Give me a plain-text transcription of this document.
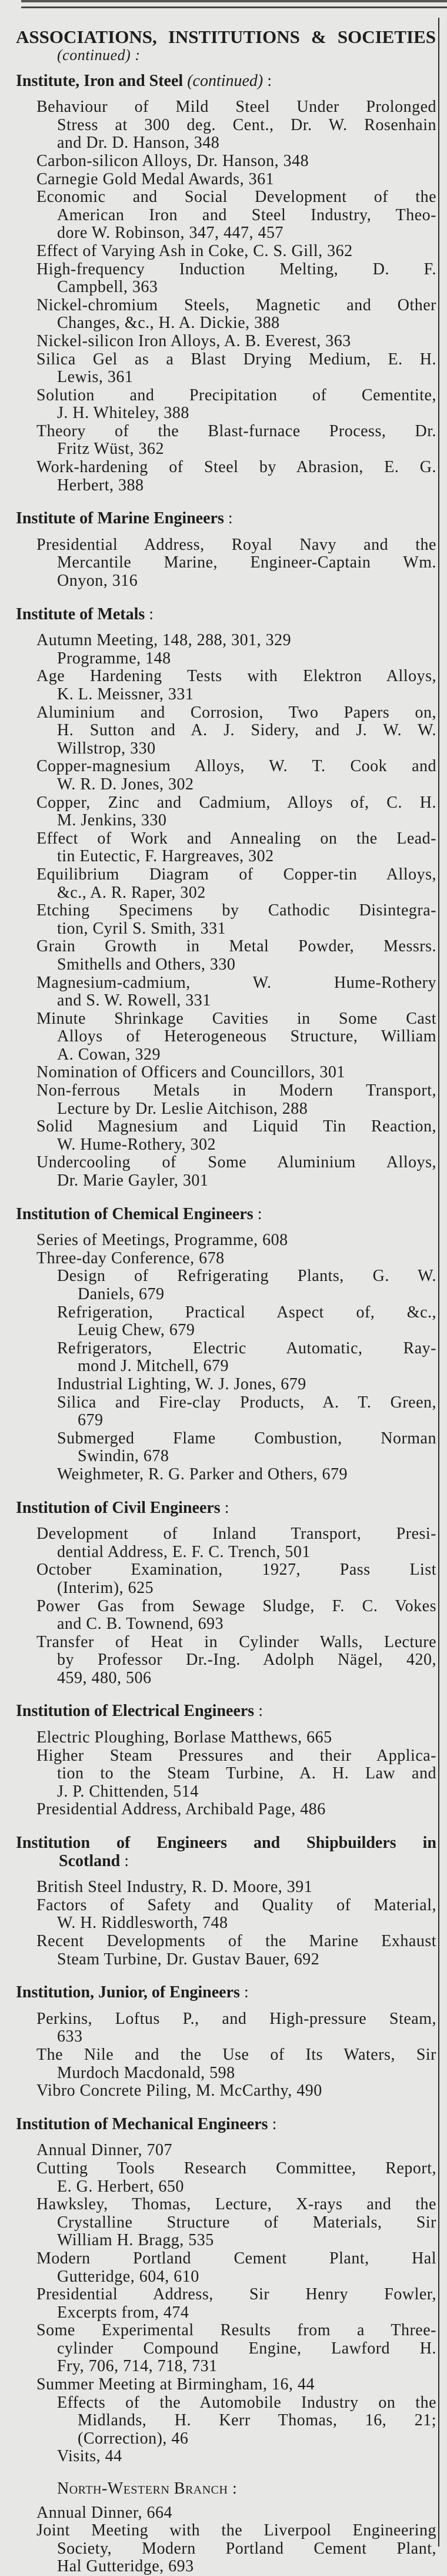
ASSOCIATIONS, INSTITUTIONS & SOCIETIES
(continued) :
Institute, Iron and Steel (continued) :
Behaviour of Mild Steel Under Prolonged
Stress at 300 deg. Cent., Dr. W. Rosenhain
and Dr. D. Hanson, 348
Carbon-silicon Alloys, Dr. Hanson, 348
Carnegie Gold Medal Awards, 361
Economic and Social Development of the
American Iron and Steel Industry, Theo-
dore W. Robinson, 347, 447, 457
Effect of Varying Ash in Coke, C. S. Gill, 362
High-frequency Induction Melting, D. F.
Campbell, 363
Nickel-chromium Steels, Magnetic and Other
Changes, &c., H. A. Dickie, 388
Nickel-silicon Iron Alloys, A. B. Everest, 363
Silica Gel as a Blast Drying Medium, E. H.
Lewis, 361
Solution and Precipitation of Cementite,
J. H. Whiteley, 388
Theory of the Blast-furnace Process, Dr.
Fritz Wüst, 362
Work-hardening of Steel by Abrasion, E. G.
Herbert, 388
Institute of Marine Engineers :
Presidential Address, Royal Navy and the
Mercantile Marine, Engineer-Captain Wm.
Onyon, 316
Institute of Metals :
Autumn Meeting, 148, 288, 301, 329
Programme, 148
Age Hardening Tests with Elektron Alloys,
K. L. Meissner, 331
Aluminium and Corrosion, Two Papers on,
H. Sutton and A. J. Sidery, and J. W. W.
Willstrop, 330
Copper-magnesium Alloys, W. T. Cook and
W. R. D. Jones, 302
Copper, Zinc and Cadmium, Alloys of, C. H.
M. Jenkins, 330
Effect of Work and Annealing on the Lead-
tin Eutectic, F. Hargreaves, 302
Equilibrium Diagram of Copper-tin Alloys,
&c., A. R. Raper, 302
Etching Specimens by Cathodic Disintegra-
tion, Cyril S. Smith, 331
Grain Growth in Metal Powder, Messrs.
Smithells and Others, 330
Magnesium-cadmium, W. Hume-Rothery
and S. W. Rowell, 331
Minute Shrinkage Cavities in Some Cast
Alloys of Heterogeneous Structure, William
A. Cowan, 329
Nomination of Officers and Councillors, 301
Non-ferrous Metals in Modern Transport,
Lecture by Dr. Leslie Aitchison, 288
Solid Magnesium and Liquid Tin Reaction,
W. Hume-Rothery, 302
Undercooling of Some Aluminium Alloys,
Dr. Marie Gayler, 301
Institution of Chemical Engineers :
Series of Meetings, Programme, 608
Three-day Conference, 678
Design of Refrigerating Plants, G. W.
Daniels, 679
Refrigeration, Practical Aspect of, &c.,
Leuig Chew, 679
Refrigerators, Electric Automatic, Ray-
mond J. Mitchell, 679
Industrial Lighting, W. J. Jones, 679
Silica and Fire-clay Products, A. T. Green,
679
Submerged Flame Combustion, Norman
Swindin, 678
Weighmeter, R. G. Parker and Others, 679
Institution of Civil Engineers :
Development of Inland Transport, Presi-
dential Address, E. F. C. Trench, 501
October Examination, 1927, Pass List
(Interim), 625
Power Gas from Sewage Sludge, F. C. Vokes
and C. B. Townend, 693
Transfer of Heat in Cylinder Walls, Lecture
by Professor Dr.-Ing. Adolph Nägel, 420,
459, 480, 506
Institution of Electrical Engineers :
Electric Ploughing, Borlase Matthews, 665
Higher Steam Pressures and their Applica-
tion to the Steam Turbine, A. H. Law and
J. P. Chittenden, 514
Presidential Address, Archibald Page, 486
Institution of Engineers and Shipbuilders in
Scotland :
British Steel Industry, R. D. Moore, 391
Factors of Safety and Quality of Material,
W. H. Riddlesworth, 748
Recent Developments of the Marine Exhaust
Steam Turbine, Dr. Gustav Bauer, 692
Institution, Junior, of Engineers :
Perkins, Loftus P., and High-pressure Steam,
633
The Nile and the Use of Its Waters, Sir
Murdoch Macdonald, 598
Vibro Concrete Piling, M. McCarthy, 490
Institution of Mechanical Engineers :
Annual Dinner, 707
Cutting Tools Research Committee, Report,
E. G. Herbert, 650
Hawksley, Thomas, Lecture, X-rays and the
Crystalline Structure of Materials, Sir
William H. Bragg, 535
Modern Portland Cement Plant, Hal
Gutteridge, 604, 610
Presidential Address, Sir Henry Fowler,
Excerpts from, 474
Some Experimental Results from a Three-
cylinder Compound Engine, Lawford H.
Fry, 706, 714, 718, 731
Summer Meeting at Birmingham, 16, 44
Effects of the Automobile Industry on the
Midlands, H. Kerr Thomas, 16, 21;
(Correction), 46
Visits, 44
North-Western Branch :
Annual Dinner, 664
Joint Meeting with the Liverpool Engineering
Society, Modern Portland Cement Plant,
Hal Gutteridge, 693
